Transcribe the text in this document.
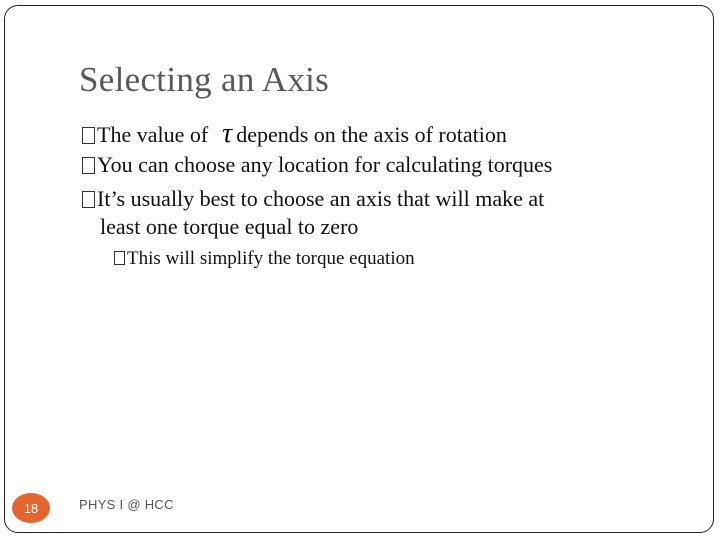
Selecting an Axis
The value of τ depends on the axis of rotation
You can choose any location for calculating torques
It’s usually best to choose an axis that will make at
least one torque equal to zero
This will simplify the torque equation
18	PHYS I @ HCC
